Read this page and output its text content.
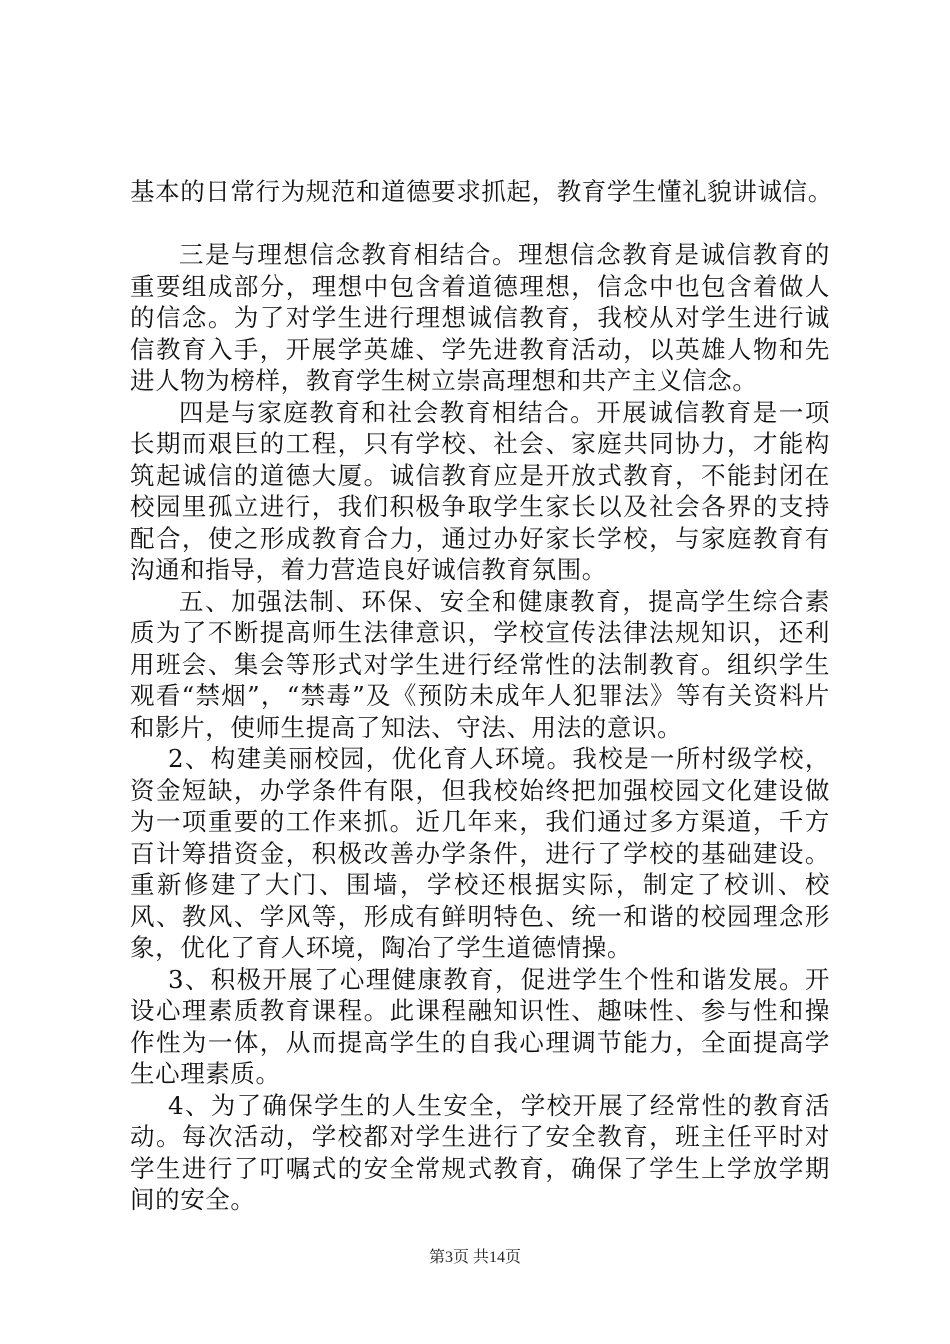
基本的日常行为规范和道德要求抓起，教育学生懂礼貌讲诚信。

三是与理想信念教育相结合。理想信念教育是诚信教育的重要组成部分，理想中包含着道德理想，信念中也包含着做人的信念。为了对学生进行理想诚信教育，我校从对学生进行诚信教育入手，开展学英雄、学先进教育活动，以英雄人物和先进人物为榜样，教育学生树立崇高理想和共产主义信念。

四是与家庭教育和社会教育相结合。开展诚信教育是一项长期而艰巨的工程，只有学校、社会、家庭共同协力，才能构筑起诚信的道德大厦。诚信教育应是开放式教育，不能封闭在校园里孤立进行，我们积极争取学生家长以及社会各界的支持配合，使之形成教育合力，通过办好家长学校，与家庭教育有沟通和指导，着力营造良好诚信教育氛围。

五、加强法制、环保、安全和健康教育，提高学生综合素质为了不断提高师生法律意识，学校宣传法律法规知识，还利用班会、集会等形式对学生进行经常性的法制教育。组织学生观看“禁烟”，“禁毒”及《预防未成年人犯罪法》等有关资料片和影片，使师生提高了知法、守法、用法的意识。

2、构建美丽校园，优化育人环境。我校是一所村级学校，资金短缺，办学条件有限，但我校始终把加强校园文化建设做为一项重要的工作来抓。近几年来，我们通过多方渠道，千方百计筹措资金，积极改善办学条件，进行了学校的基础建设。重新修建了大门、围墙，学校还根据实际，制定了校训、校风、教风、学风等，形成有鲜明特色、统一和谐的校园理念形象，优化了育人环境，陶冶了学生道德情操。

3、积极开展了心理健康教育，促进学生个性和谐发展。开设心理素质教育课程。此课程融知识性、趣味性、参与性和操作性为一体，从而提高学生的自我心理调节能力，全面提高学生心理素质。

4、为了确保学生的人生安全，学校开展了经常性的教育活动。每次活动，学校都对学生进行了安全教育，班主任平时对学生进行了叮嘱式的安全常规式教育，确保了学生上学放学期间的安全。

第3页 共14页
